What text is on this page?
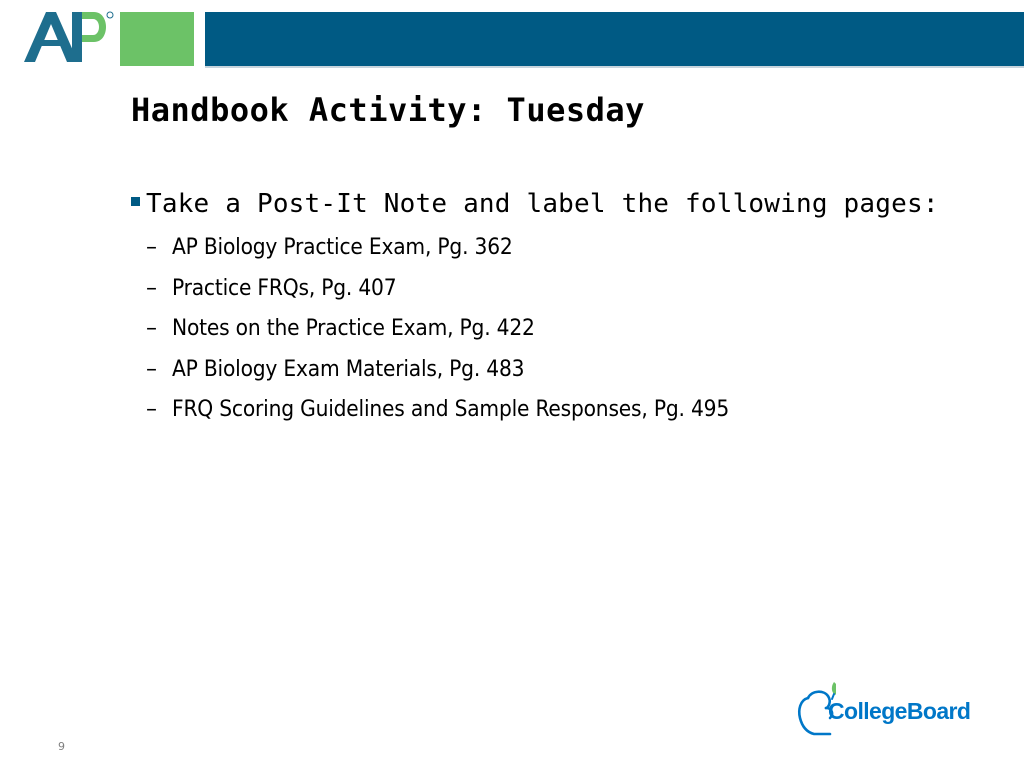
Handbook Activity: Tuesday
Take a Post-It Note and label the following pages:
– AP Biology Practice Exam, Pg. 362
– Practice FRQs, Pg. 407
– Notes on the Practice Exam, Pg. 422
– AP Biology Exam Materials, Pg. 483
– FRQ Scoring Guidelines and Sample Responses, Pg. 495
9
CollegeBoard
